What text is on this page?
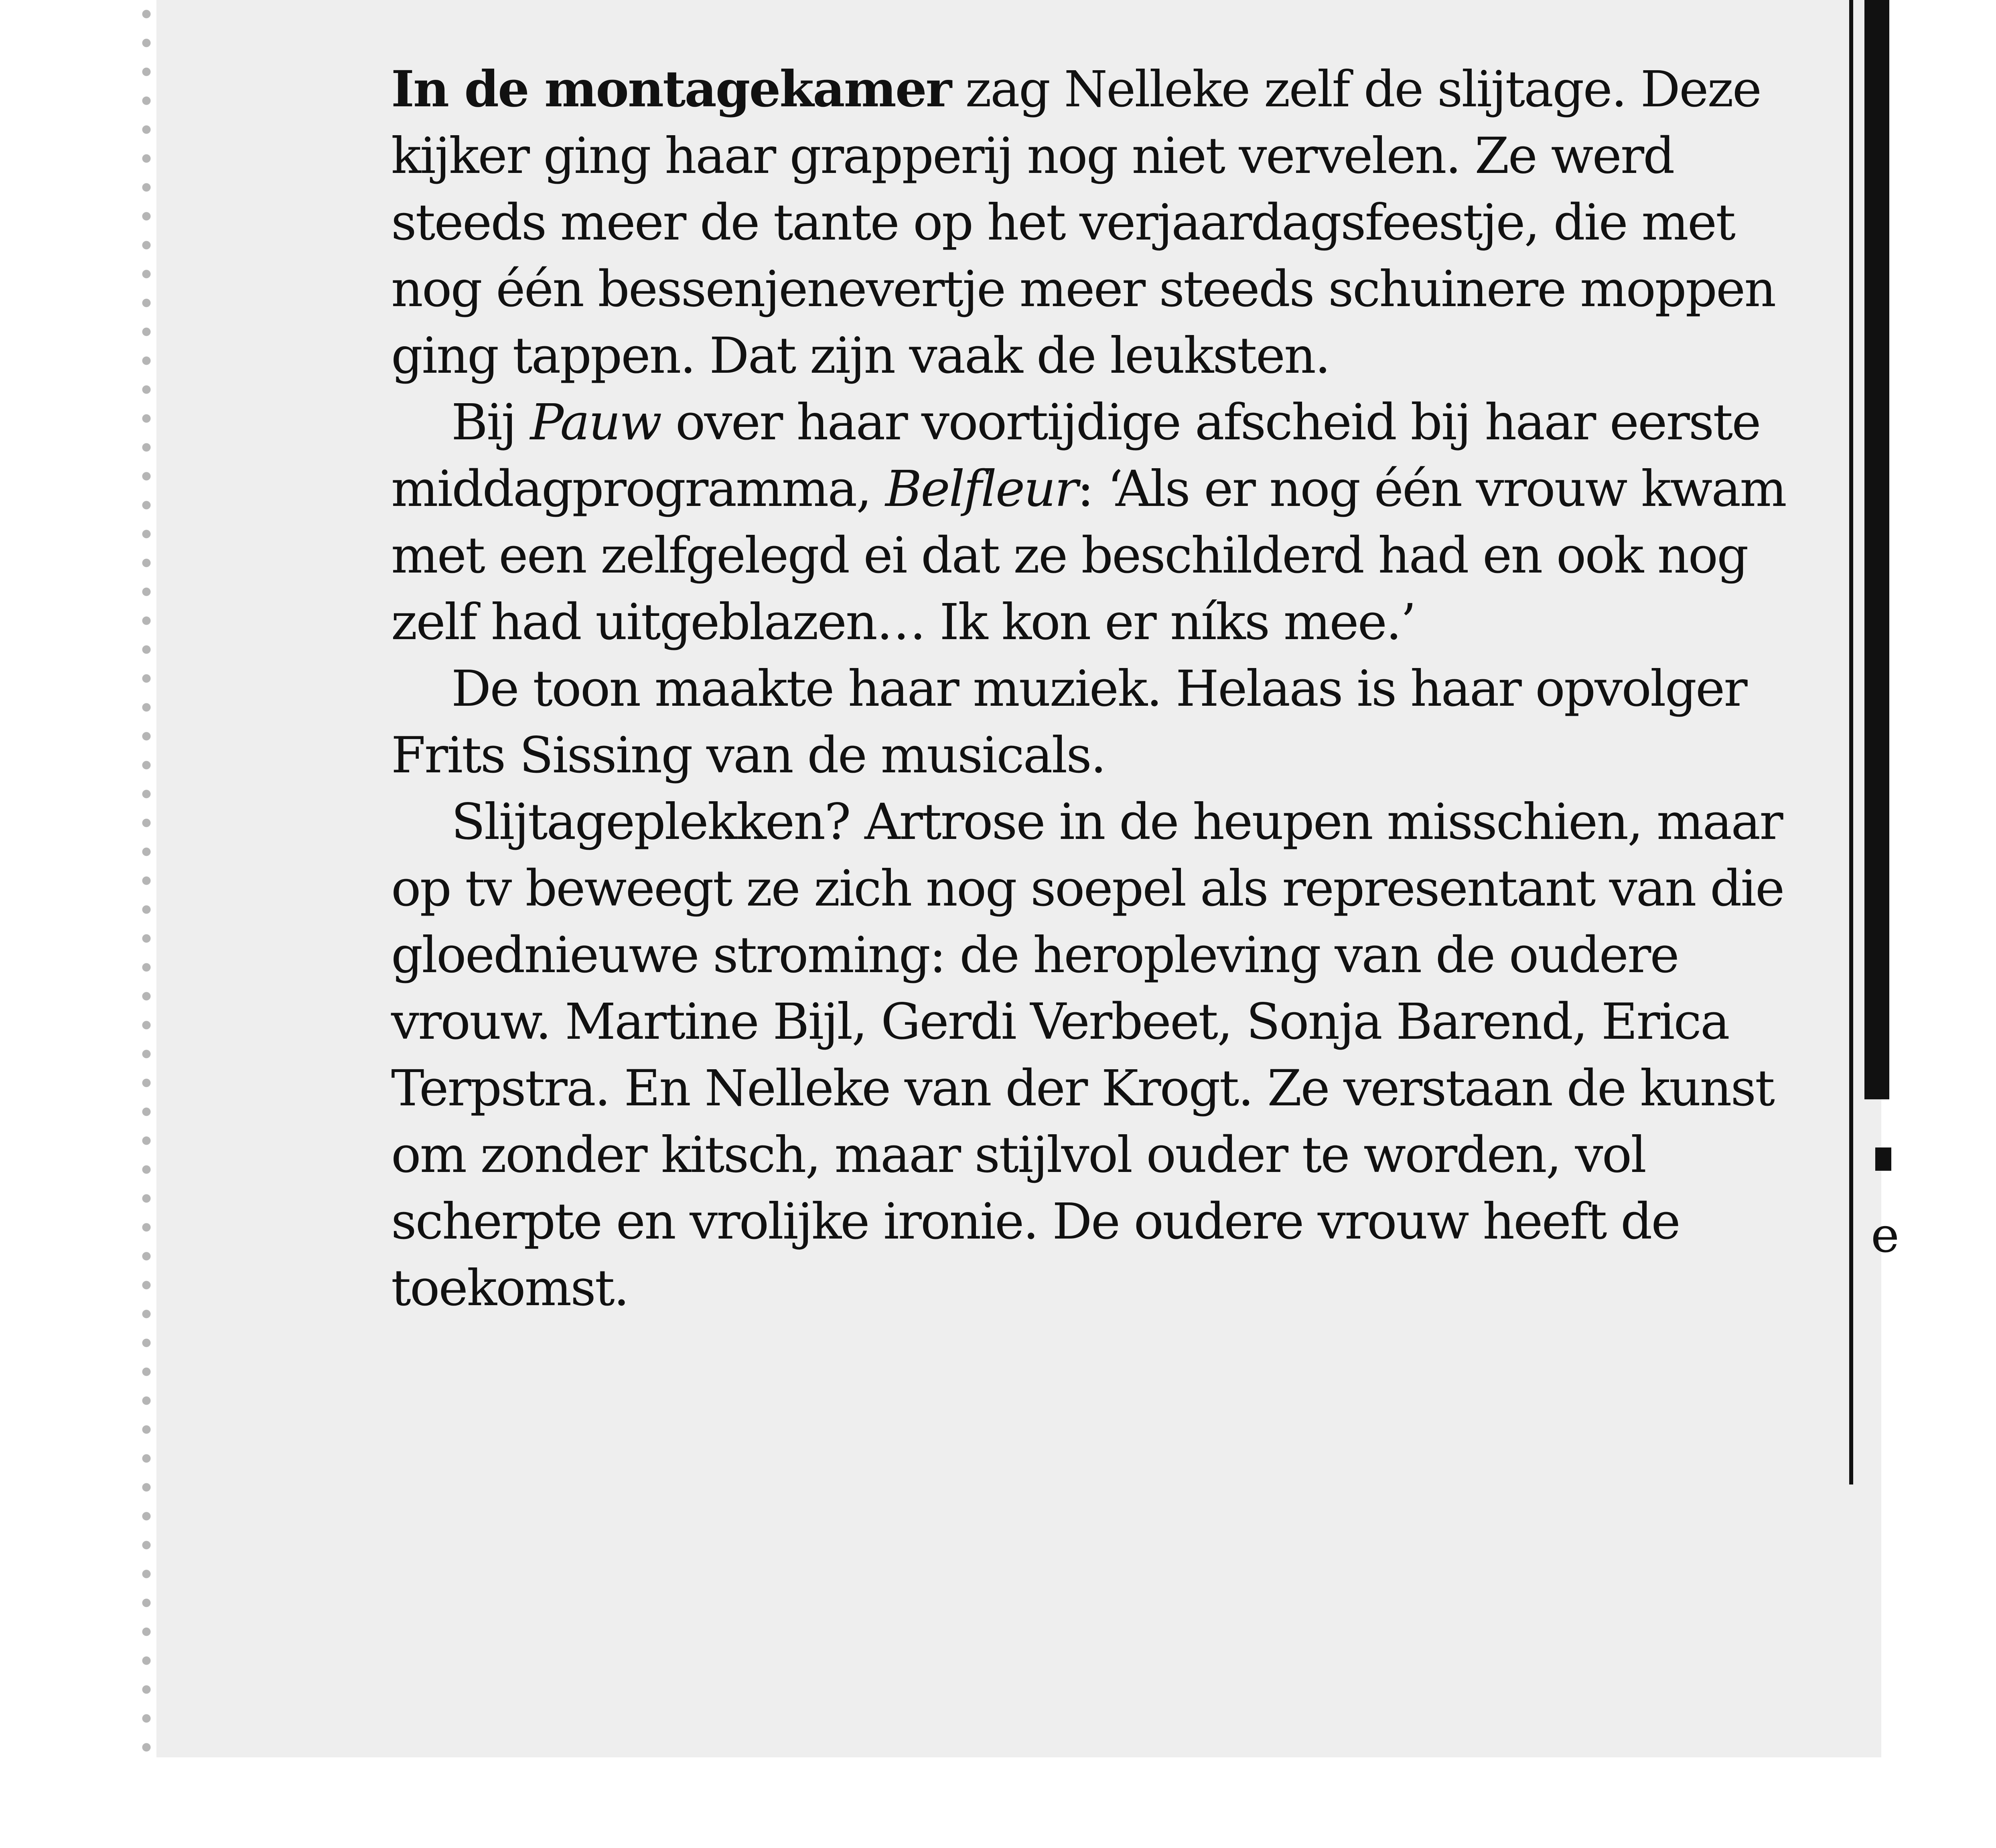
In de montagekamer zag Nelleke zelf de slijtage. Deze kijker ging haar grapperij nog niet vervelen. Ze werd steeds meer de tante op het verjaardagsfeestje, die met nog één bessenjenevertje meer steeds schuinere moppen ging tappen. Dat zijn vaak de leuksten.

Bij Pauw over haar voortijdige afscheid bij haar eerste middagprogramma, Belfleur: ‘Als er nog één vrouw kwam met een zelfgelegd ei dat ze beschilderd had en ook nog zelf had uitgeblazen… Ik kon er níks mee.’

De toon maakte haar muziek. Helaas is haar opvolger Frits Sissing van de musicals.

Slijtageplekken? Artrose in de heupen misschien, maar op tv beweegt ze zich nog soepel als representant van die gloednieuwe stroming: de heropleving van de oudere vrouw. Martine Bijl, Gerdi Verbeet, Sonja Barend, Erica Terpstra. En Nelleke van der Krogt. Ze verstaan de kunst om zonder kitsch, maar stijlvol ouder te worden, vol scherpte en vrolijke ironie. De oudere vrouw heeft de toekomst.

e
